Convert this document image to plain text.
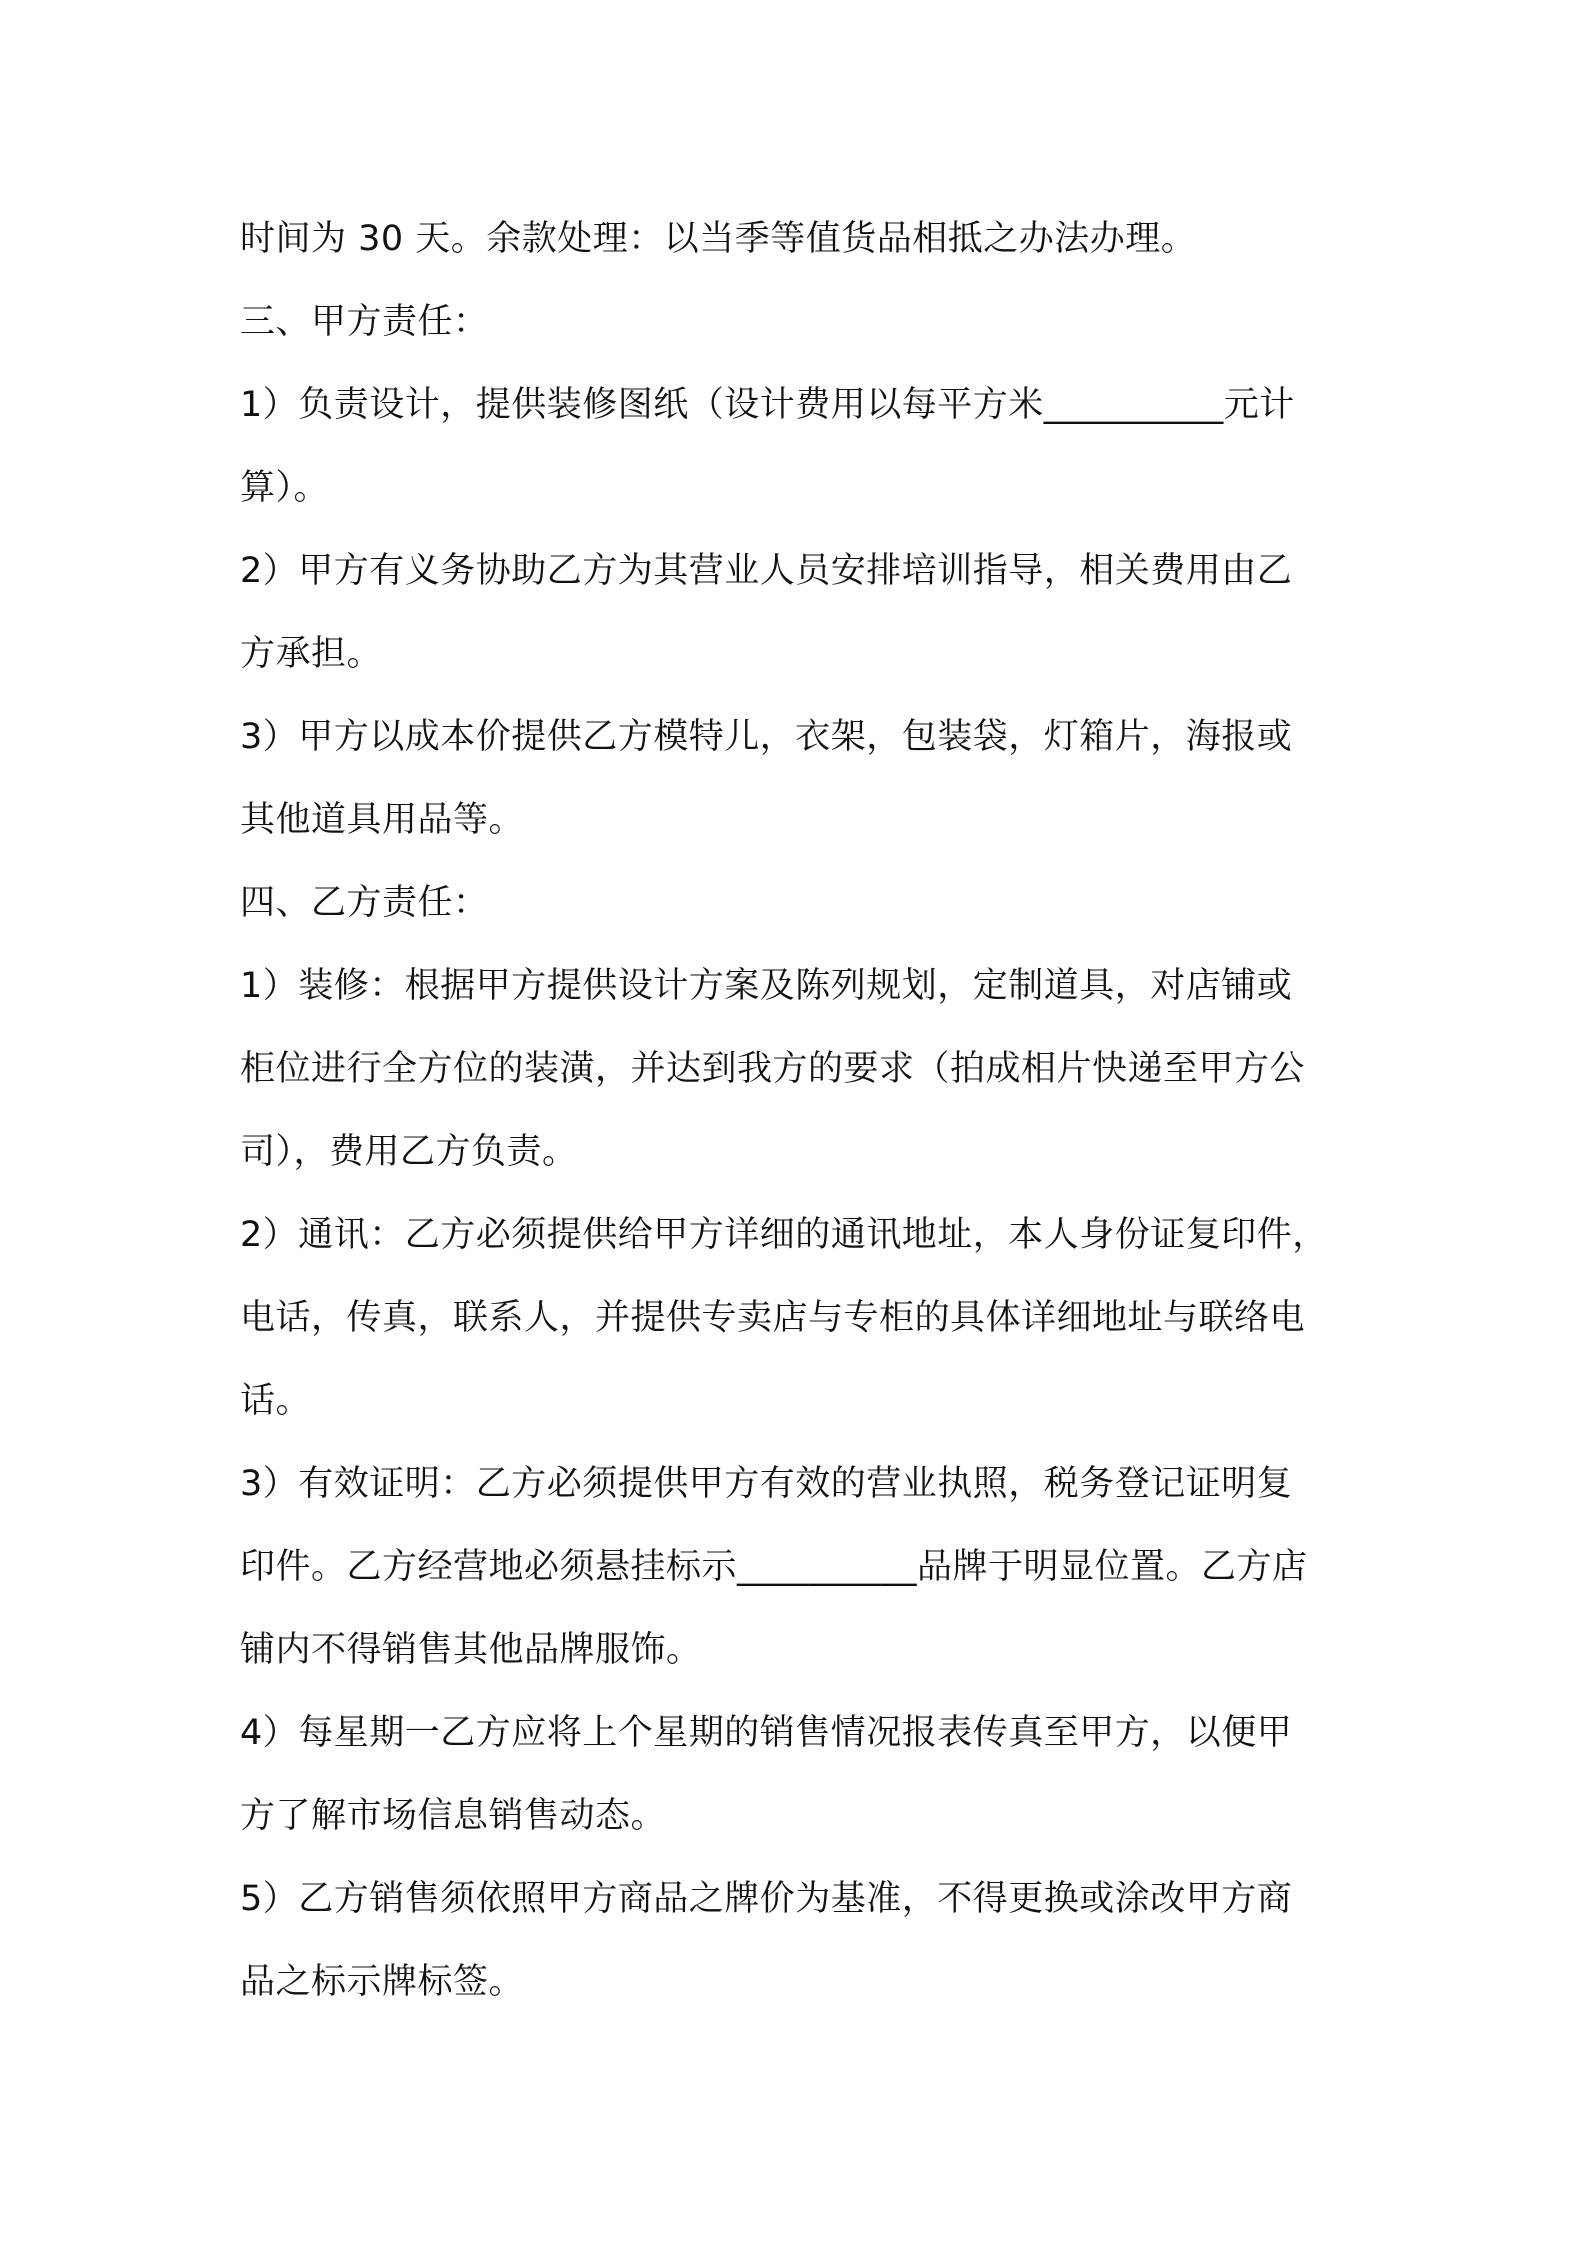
时间为 30 天。余款处理：以当季等值货品相抵之办法办理。
三、甲方责任：
1）负责设计，提供装修图纸（设计费用以每平方米__________元计
算）。
2）甲方有义务协助乙方为其营业人员安排培训指导，相关费用由乙
方承担。
3）甲方以成本价提供乙方模特儿，衣架，包装袋，灯箱片，海报或
其他道具用品等。
四、乙方责任：
1）装修：根据甲方提供设计方案及陈列规划，定制道具，对店铺或
柜位进行全方位的装潢，并达到我方的要求（拍成相片快递至甲方公
司），费用乙方负责。
2）通讯：乙方必须提供给甲方详细的通讯地址，本人身份证复印件，
电话，传真，联系人，并提供专卖店与专柜的具体详细地址与联络电
话。
3）有效证明：乙方必须提供甲方有效的营业执照，税务登记证明复
印件。乙方经营地必须悬挂标示__________品牌于明显位置。乙方店
铺内不得销售其他品牌服饰。
4）每星期一乙方应将上个星期的销售情况报表传真至甲方，以便甲
方了解市场信息销售动态。
5）乙方销售须依照甲方商品之牌价为基准，不得更换或涂改甲方商
品之标示牌标签。
